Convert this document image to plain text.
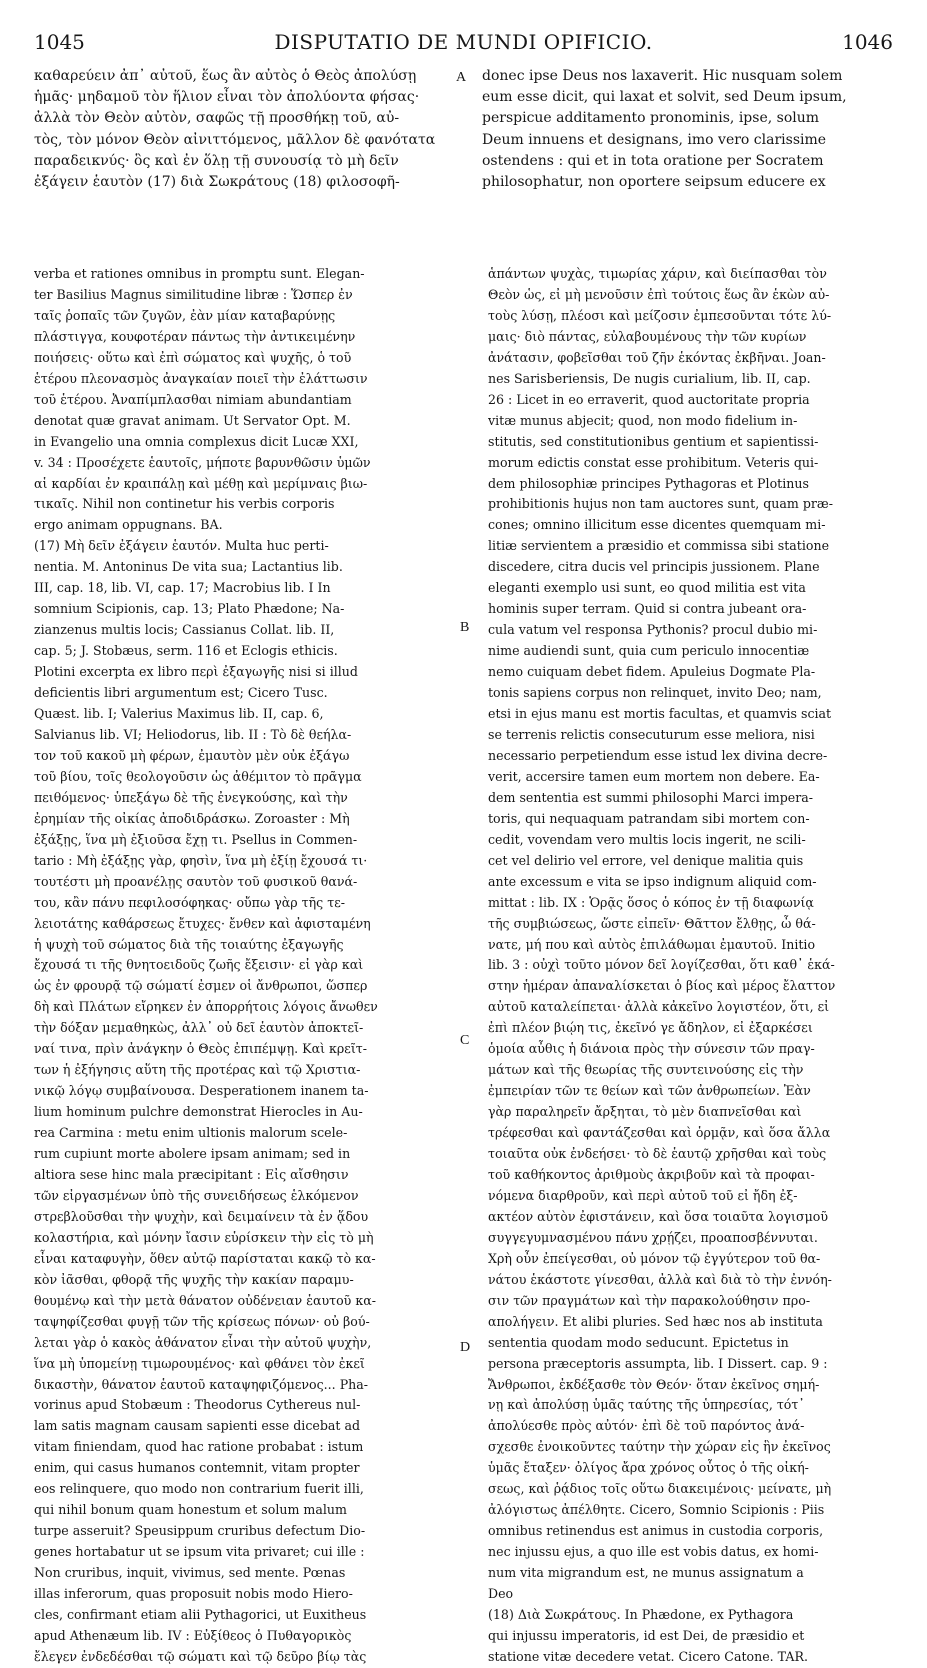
1045	DISPUTATIO DE MUNDI OPIFICIO.	1046
καθαρεύειν ἀπ᾽ αὐτοῦ, ἕως ἂν αὐτὸς ὁ Θεὸς ἀπολύσῃ
ἡμᾶς· μηδαμοῦ τὸν ἥλιον εἶναι τὸν ἀπολύοντα φήσας·
ἀλλὰ τὸν Θεὸν αὐτὸν, σαφῶς τῇ προσθήκῃ τοῦ, αὐ-
τὸς, τὸν μόνον Θεὸν αἰνιττόμενος, μᾶλλον δὲ φανότατα
παραδεικνύς· ὃς καὶ ἐν ὅλῃ τῇ συνουσίᾳ τὸ μὴ δεῖν
ἐξάγειν ἑαυτὸν (17) διὰ Σωκράτους (18) φιλοσοφῆ-
donec ipse Deus nos laxaverit. Hic nusquam solem
eum esse dicit, qui laxat et solvit, sed Deum ipsum,
perspicue additamento pronominis, ipse, solum
Deum innuens et designans, imo vero clarissime
ostendens : qui et in tota oratione per Socratem
philosophatur, non oportere seipsum educere ex
verba et rationes omnibus in promptu sunt. Elegan-
ter Basilius Magnus similitudine libræ : Ὥσπερ ἐν
ταῖς ῥοπαῖς τῶν ζυγῶν, ἐὰν μίαν καταβαρύνῃς
πλάστιγγα, κουφοτέραν πάντως τὴν ἀντικειμένην
ποιήσεις· οὕτω καὶ ἐπὶ σώματος καὶ ψυχῆς, ὁ τοῦ
ἑτέρου πλεονασμὸς ἀναγκαίαν ποιεῖ τὴν ἐλάττωσιν
τοῦ ἑτέρου. Ἀναπίμπλασθαι nimiam abundantiam
denotat quæ gravat animam. Ut Servator Opt. M.
in Evangelio una omnia complexus dicit Lucæ XXI,
v. 34 : Προσέχετε ἑαυτοῖς, μήποτε βαρυνθῶσιν ὑμῶν
αἱ καρδίαι ἐν κραιπάλῃ καὶ μέθῃ καὶ μερίμναις βιω-
τικαῖς. Nihil non continetur his verbis corporis
ergo animam oppugnans. BA.
(17) Μὴ δεῖν ἐξάγειν ἑαυτόν. Multa huc perti-
nentia. M. Antoninus De vita sua; Lactantius lib.
III, cap. 18, lib. VI, cap. 17; Macrobius lib. I In
somnium Scipionis, cap. 13; Plato Phædone; Na-
zianzenus multis locis; Cassianus Collat. lib. II,
cap. 5; J. Stobæus, serm. 116 et Eclogis ethicis.
Plotini excerpta ex libro περὶ ἐξαγωγῆς nisi si illud
deficientis libri argumentum est; Cicero Tusc.
Quæst. lib. I; Valerius Maximus lib. II, cap. 6,
Salvianus lib. VI; Heliodorus, lib. II : Τὸ δὲ θεήλα-
τον τοῦ κακοῦ μὴ φέρων, ἐμαυτὸν μὲν οὐκ ἐξάγω
τοῦ βίου, τοῖς θεολογοῦσιν ὡς ἀθέμιτον τὸ πρᾶγμα
πειθόμενος· ὑπεξάγω δὲ τῆς ἐνεγκούσης, καὶ τὴν
ἐρημίαν τῆς οἰκίας ἀποδιδράσκω. Zoroaster : Μὴ
ἐξάξῃς, ἵνα μὴ ἐξιοῦσα ἔχῃ τι. Psellus in Commen-
tario : Μὴ ἐξάξῃς γὰρ, φησὶν, ἵνα μὴ ἐξίῃ ἔχουσά τι·
τουτέστι μὴ προανέλῃς σαυτὸν τοῦ φυσικοῦ θανά-
του, κἂν πάνυ πεφιλοσόφηκας· οὔπω γὰρ τῆς τε-
λειοτάτης καθάρσεως ἔτυχες· ἔνθεν καὶ ἀφισταμένη
ἡ ψυχὴ τοῦ σώματος διὰ τῆς τοιαύτης ἐξαγωγῆς
ἔχουσά τι τῆς θνητοειδοῦς ζωῆς ἔξεισιν· εἰ γὰρ καὶ
ὡς ἐν φρουρᾷ τῷ σώματί ἐσμεν οἱ ἄνθρωποι, ὥσπερ
δὴ καὶ Πλάτων εἴρηκεν ἐν ἀπορρήτοις λόγοις ἄνωθεν
τὴν δόξαν μεμαθηκὼς, ἀλλ᾽ οὐ δεῖ ἑαυτὸν ἀποκτεῖ-
ναί τινα, πρὶν ἀνάγκην ὁ Θεὸς ἐπιπέμψῃ. Καὶ κρεῖτ-
των ἡ ἐξήγησις αὕτη τῆς προτέρας καὶ τῷ Χριστια-
νικῷ λόγῳ συμβαίνουσα. Desperationem inanem ta-
lium hominum pulchre demonstrat Hierocles in Au-
rea Carmina : metu enim ultionis malorum scele-
rum cupiunt morte abolere ipsam animam; sed in
altiora sese hinc mala præcipitant : Εἰς αἴσθησιν
τῶν εἰργασμένων ὑπὸ τῆς συνειδήσεως ἑλκόμενον
στρεβλοῦσθαι τὴν ψυχὴν, καὶ δειμαίνειν τὰ ἐν ᾅδου
κολαστήρια, καὶ μόνην ἴασιν εὑρίσκειν τὴν εἰς τὸ μὴ
εἶναι καταφυγὴν, ὅθεν αὐτῷ παρίσταται κακῷ τὸ κα-
κὸν ἰᾶσθαι, φθορᾷ τῆς ψυχῆς τὴν κακίαν παραμυ-
θουμένῳ καὶ τὴν μετὰ θάνατον οὐδένειαν ἑαυτοῦ κα-
ταψηφίζεσθαι φυγῇ τῶν τῆς κρίσεως πόνων· οὐ βού-
λεται γὰρ ὁ κακὸς ἀθάνατον εἶναι τὴν αὐτοῦ ψυχὴν,
ἵνα μὴ ὑπομείνῃ τιμωρουμένος· καὶ φθάνει τὸν ἐκεῖ
δικαστὴν, θάνατον ἑαυτοῦ καταψηφιζόμενος... Pha-
vorinus apud Stobæum : Theodorus Cythereus nul-
lam satis magnam causam sapienti esse dicebat ad
vitam finiendam, quod hac ratione probabat : istum
enim, qui casus humanos contemnit, vitam propter
eos relinquere, quo modo non contrarium fuerit illi,
qui nihil bonum quam honestum et solum malum
turpe asseruit? Speusippum cruribus defectum Dio-
genes hortabatur ut se ipsum vita privaret; cui ille :
Non cruribus, inquit, vivimus, sed mente. Pœnas
illas inferorum, quas proposuit nobis modo Hiero-
cles, confirmant etiam alii Pythagorici, ut Euxitheus
apud Athenæum lib. IV : Εὐξίθεος ὁ Πυθαγορικὸς
ἔλεγεν ἐνδεδέσθαι τῷ σώματι καὶ τῷ δεῦρο βίῳ τὰς
ἁπάντων ψυχὰς, τιμωρίας χάριν, καὶ διείπασθαι τὸν
Θεὸν ὡς, εἰ μὴ μενοῦσιν ἐπὶ τούτοις ἕως ἂν ἑκὼν αὐ-
τοὺς λύσῃ, πλέοσι καὶ μείζοσιν ἐμπεσοῦνται τότε λύ-
μαις· διὸ πάντας, εὐλαβουμένους τὴν τῶν κυρίων
ἀνάτασιν, φοβεῖσθαι τοῦ ζῆν ἑκόντας ἐκβῆναι. Joan-
nes Sarisberiensis, De nugis curialium, lib. II, cap.
26 : Licet in eo erraverit, quod auctoritate propria
vitæ munus abjecit; quod, non modo fidelium in-
stitutis, sed constitutionibus gentium et sapientissi-
morum edictis constat esse prohibitum. Veteris qui-
dem philosophiæ principes Pythagoras et Plotinus
prohibitionis hujus non tam auctores sunt, quam præ-
cones; omnino illicitum esse dicentes quemquam mi-
litiæ servientem a præsidio et commissa sibi statione
discedere, citra ducis vel principis jussionem. Plane
eleganti exemplo usi sunt, eo quod militia est vita
hominis super terram. Quid si contra jubeant ora-
cula vatum vel responsa Pythonis? procul dubio mi-
nime audiendi sunt, quia cum periculo innocentiæ
nemo cuiquam debet fidem. Apuleius Dogmate Pla-
tonis sapiens corpus non relinquet, invito Deo; nam,
etsi in ejus manu est mortis facultas, et quamvis sciat
se terrenis relictis consecuturum esse meliora, nisi
necessario perpetiendum esse istud lex divina decre-
verit, accersire tamen eum mortem non debere. Ea-
dem sententia est summi philosophi Marci impera-
toris, qui nequaquam patrandam sibi mortem con-
cedit, vovendam vero multis locis ingerit, ne scili-
cet vel delirio vel errore, vel denique malitia quis
ante excessum e vita se ipso indignum aliquid com-
mittat : lib. IX : Ὁρᾷς ὅσος ὁ κόπος ἐν τῇ διαφωνίᾳ
τῆς συμβιώσεως, ὥστε εἰπεῖν· Θᾶττον ἔλθῃς, ὦ θά-
νατε, μή που καὶ αὐτὸς ἐπιλάθωμαι ἐμαυτοῦ. Initio
lib. 3 : οὐχὶ τοῦτο μόνον δεῖ λογίζεσθαι, ὅτι καθ᾽ ἑκά-
στην ἡμέραν ἀπαναλίσκεται ὁ βίος καὶ μέρος ἔλαττον
αὐτοῦ καταλείπεται· ἀλλὰ κἀκεῖνο λογιστέον, ὅτι, εἰ
ἐπὶ πλέον βιῴη τις, ἐκεῖνό γε ἄδηλον, εἰ ἐξαρκέσει
ὁμοία αὖθις ἡ διάνοια πρὸς τὴν σύνεσιν τῶν πραγ-
μάτων καὶ τῆς θεωρίας τῆς συντεινούσης εἰς τὴν
ἐμπειρίαν τῶν τε θείων καὶ τῶν ἀνθρωπείων. Ἐὰν
γὰρ παραληρεῖν ἄρξηται, τὸ μὲν διαπνεῖσθαι καὶ
τρέφεσθαι καὶ φαντάζεσθαι καὶ ὁρμᾷν, καὶ ὅσα ἄλλα
τοιαῦτα οὐκ ἐνδεήσει· τὸ δὲ ἑαυτῷ χρῆσθαι καὶ τοὺς
τοῦ καθήκοντος ἀριθμοὺς ἀκριβοῦν καὶ τὰ προφαι-
νόμενα διαρθροῦν, καὶ περὶ αὐτοῦ τοῦ εἰ ἤδη ἐξ-
ακτέον αὐτὸν ἐφιστάνειν, καὶ ὅσα τοιαῦτα λογισμοῦ
συγγεγυμνασμένου πάνυ χρῄζει, προαποσβέννυται.
Χρὴ οὖν ἐπείγεσθαι, οὐ μόνον τῷ ἐγγύτερον τοῦ θα-
νάτου ἑκάστοτε γίνεσθαι, ἀλλὰ καὶ διὰ τὸ τὴν ἐννόη-
σιν τῶν πραγμάτων καὶ τὴν παρακολούθησιν προ-
απολήγειν. Et alibi pluries. Sed hæc nos ab instituta
sententia quodam modo seducunt. Epictetus in
persona præceptoris assumpta, lib. I Dissert. cap. 9 :
Ἄνθρωποι, ἐκδέξασθε τὸν Θεόν· ὅταν ἐκεῖνος σημή-
νῃ καὶ ἀπολύσῃ ὑμᾶς ταύτης τῆς ὑπηρεσίας, τότ᾽
ἀπολύεσθε πρὸς αὐτόν· ἐπὶ δὲ τοῦ παρόντος ἀνά-
σχεσθε ἐνοικοῦντες ταύτην τὴν χώραν εἰς ἣν ἐκεῖνος
ὑμᾶς ἔταξεν· ὀλίγος ἄρα χρόνος οὗτος ὁ τῆς οἰκή-
σεως, καὶ ῥᾴδιος τοῖς οὕτω διακειμένοις· μείνατε, μὴ
ἀλόγιστως ἀπέλθητε. Cicero, Somnio Scipionis : Piis
omnibus retinendus est animus in custodia corporis,
nec injussu ejus, a quo ille est vobis datus, ex homi-
num vita migrandum est, ne munus assignatum a
Deo
(18) Διὰ Σωκράτους. In Phædone, ex Pythagora
qui injussu imperatoris, id est Dei, de præsidio et
statione vitæ decedere vetat. Cicero Catone. TAR.
A
B
C
D
